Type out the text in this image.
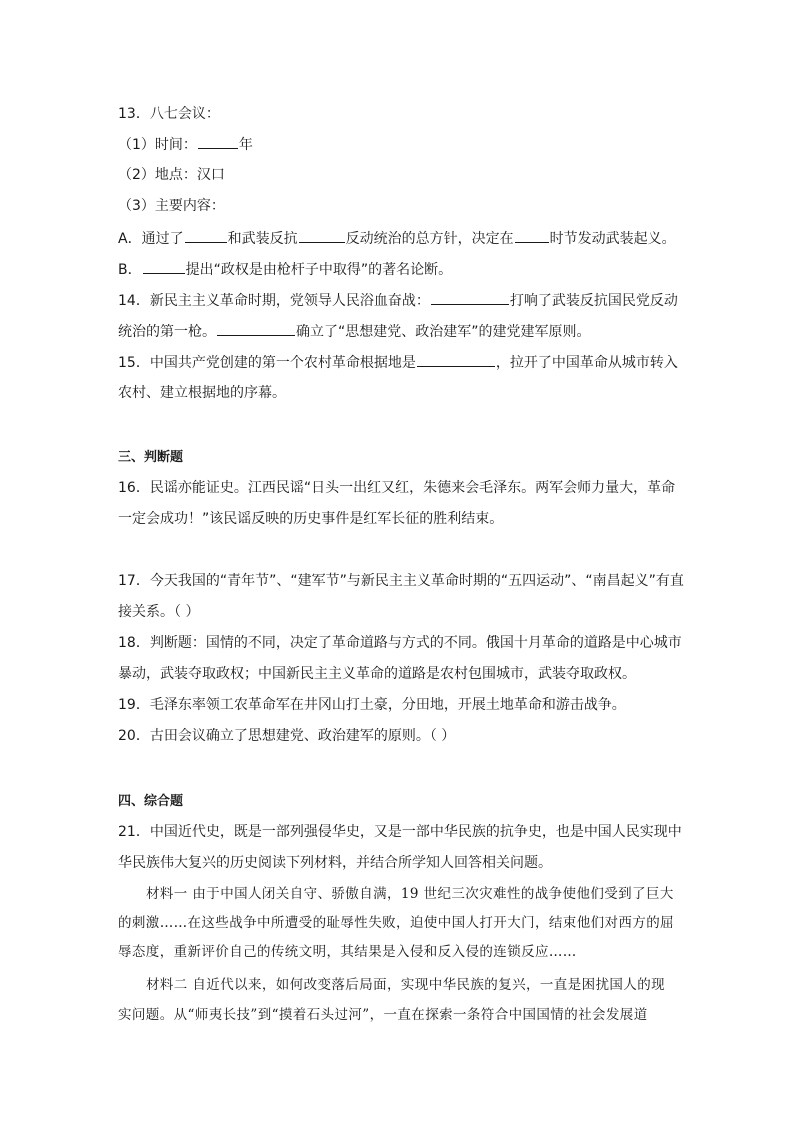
13．八七会议：
（1）时间：	年
（2）地点：汉口
（3）主要内容：
A．通过了	和武装反抗	反动统治的总方针，决定在	时节发动武装起义。
B．	提出“政权是由枪杆子中取得”的著名论断。
14．新民主主义革命时期，党领导人民浴血奋战：	打响了武装反抗国民党反动
统治的第一枪。	确立了“思想建党、政治建军”的建党建军原则。
15．中国共产党创建的第一个农村革命根据地是	，拉开了中国革命从城市转入
农村、建立根据地的序幕。
三、判断题
16．民谣亦能证史。江西民谣“日头一出红又红，朱德来会毛泽东。两军会师力量大，革命
一定会成功！”该民谣反映的历史事件是红军长征的胜利结束。
17．今天我国的“青年节”、“建军节”与新民主主义革命时期的“五四运动”、“南昌起义”有直
接关系。（ ）
18．判断题：国情的不同，决定了革命道路与方式的不同。俄国十月革命的道路是中心城市
暴动，武装夺取政权；中国新民主主义革命的道路是农村包围城市，武装夺取政权。
19．毛泽东率领工农革命军在井冈山打土豪，分田地，开展土地革命和游击战争。
20．古田会议确立了思想建党、政治建军的原则。（ ）
四、综合题
21．中国近代史，既是一部列强侵华史，又是一部中华民族的抗争史，也是中国人民实现中
华民族伟大复兴的历史阅读下列材料，并结合所学知人回答相关问题。
材料一 由于中国人闭关自守、骄傲自满，19 世纪三次灾难性的战争使他们受到了巨大
的刺激……在这些战争中所遭受的耻辱性失败，迫使中国人打开大门，结束他们对西方的屈
辱态度，重新评价自己的传统文明，其结果是入侵和反入侵的连锁反应……
材料二 自近代以来，如何改变落后局面，实现中华民族的复兴，一直是困扰国人的现
实问题。从“师夷长技”到“摸着石头过河”，一直在探索一条符合中国国情的社会发展道
